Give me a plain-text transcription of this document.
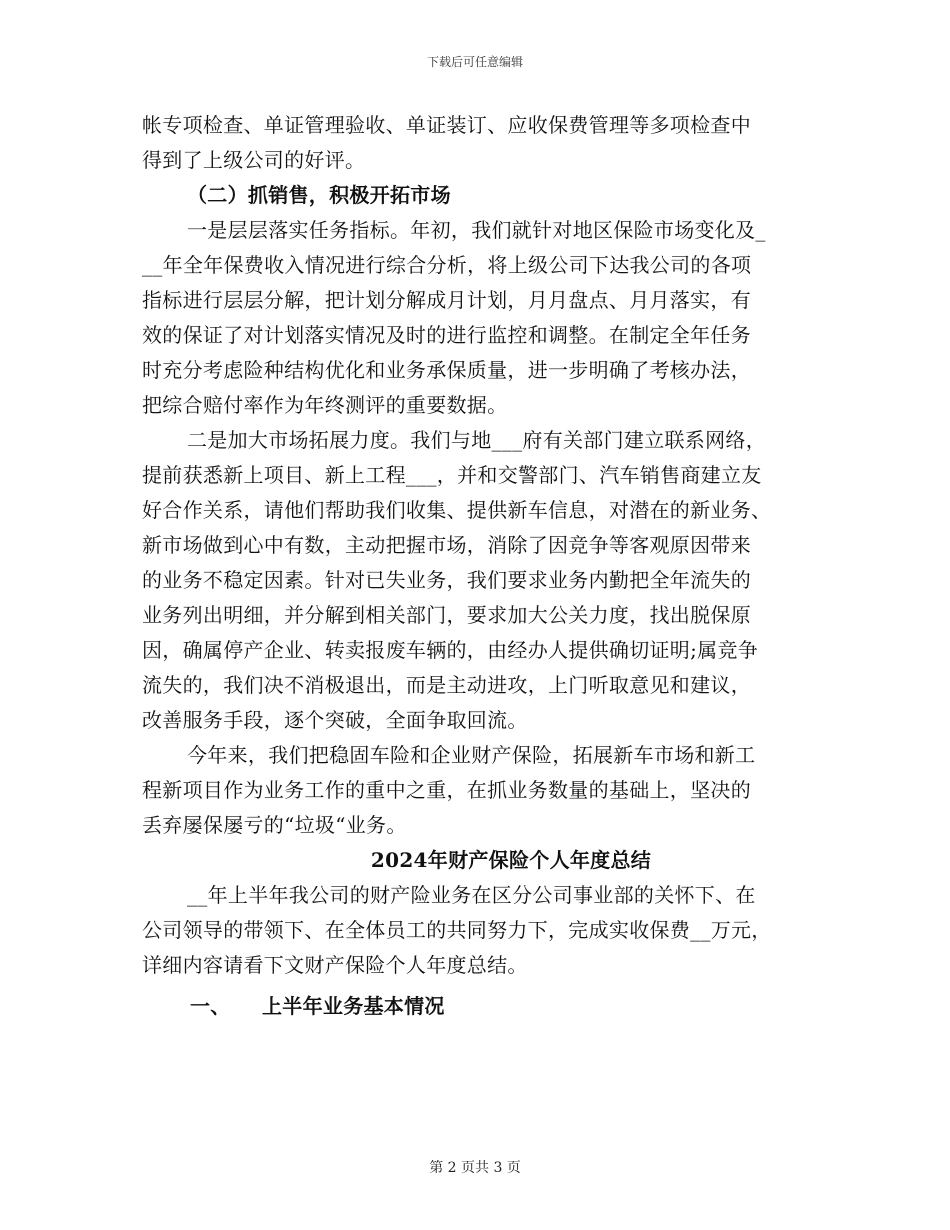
下载后可任意编辑
帐专项检查、单证管理验收、单证装订、应收保费管理等多项检查中
得到了上级公司的好评。
（二）抓销售，积极开拓市场
一是层层落实任务指标。年初，我们就针对地区保险市场变化及_
__年全年保费收入情况进行综合分析，将上级公司下达我公司的各项
指标进行层层分解，把计划分解成月计划，月月盘点、月月落实，有
效的保证了对计划落实情况及时的进行监控和调整。在制定全年任务
时充分考虑险种结构优化和业务承保质量，进一步明确了考核办法，
把综合赔付率作为年终测评的重要数据。
二是加大市场拓展力度。我们与地___府有关部门建立联系网络，
提前获悉新上项目、新上工程___，并和交警部门、汽车销售商建立友
好合作关系，请他们帮助我们收集、提供新车信息，对潜在的新业务、
新市场做到心中有数，主动把握市场，消除了因竞争等客观原因带来
的业务不稳定因素。针对已失业务，我们要求业务内勤把全年流失的
业务列出明细，并分解到相关部门，要求加大公关力度，找出脱保原
因，确属停产企业、转卖报废车辆的，由经办人提供确切证明;属竞争
流失的，我们决不消极退出，而是主动进攻，上门听取意见和建议，
改善服务手段，逐个突破，全面争取回流。
今年来，我们把稳固车险和企业财产保险，拓展新车市场和新工
程新项目作为业务工作的重中之重，在抓业务数量的基础上，坚决的
丢弃屡保屡亏的“垃圾“业务。
2024年财产保险个人年度总结
__年上半年我公司的财产险业务在区分公司事业部的关怀下、在
公司领导的带领下、在全体员工的共同努力下，完成实收保费__万元，
详细内容请看下文财产保险个人年度总结。
一、 上半年业务基本情况
第 2 页共 3 页
